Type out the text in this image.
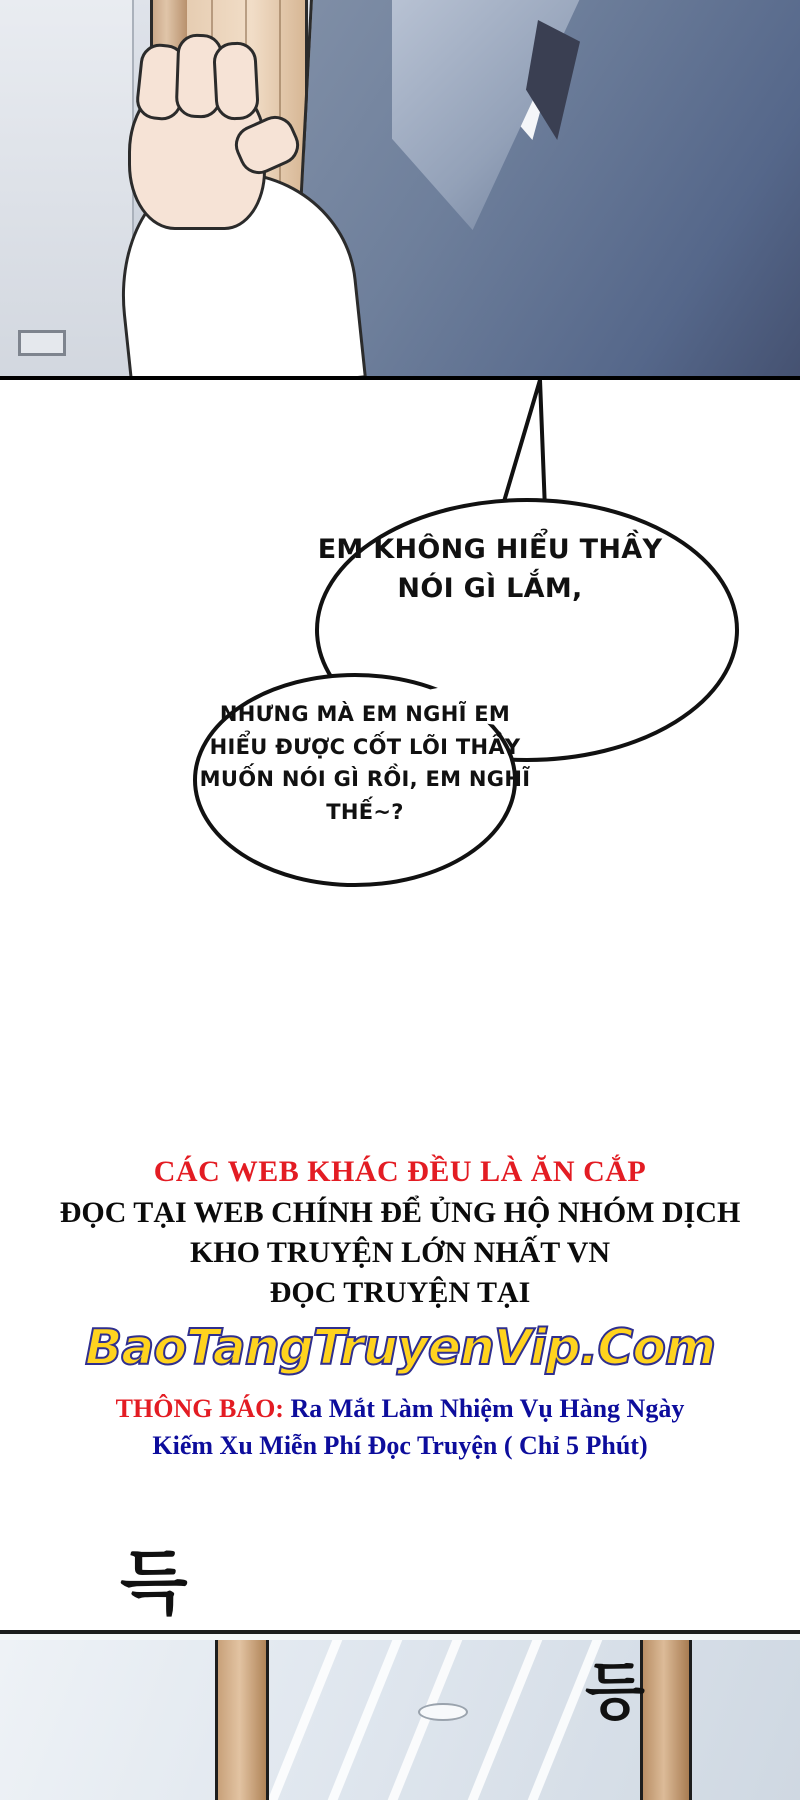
EM KHÔNG HIỂU THẦY NÓI GÌ LẮM,
NHƯNG MÀ EM NGHĨ EM HIỂU ĐƯỢC CỐT LÕI THẦY MUỐN NÓI GÌ RỒI, EM NGHĨ THẾ~?
CÁC WEB KHÁC ĐỀU LÀ ĂN CẮP
ĐỌC TẠI WEB CHÍNH ĐỂ ỦNG HỘ NHÓM DỊCH
KHO TRUYỆN LỚN NHẤT VN
ĐỌC TRUYỆN TẠI
BaoTangTruyenVip.Com
THÔNG BÁO: Ra Mắt Làm Nhiệm Vụ Hàng Ngày
Kiếm Xu Miễn Phí Đọc Truyện ( Chỉ 5 Phút)
득
등
